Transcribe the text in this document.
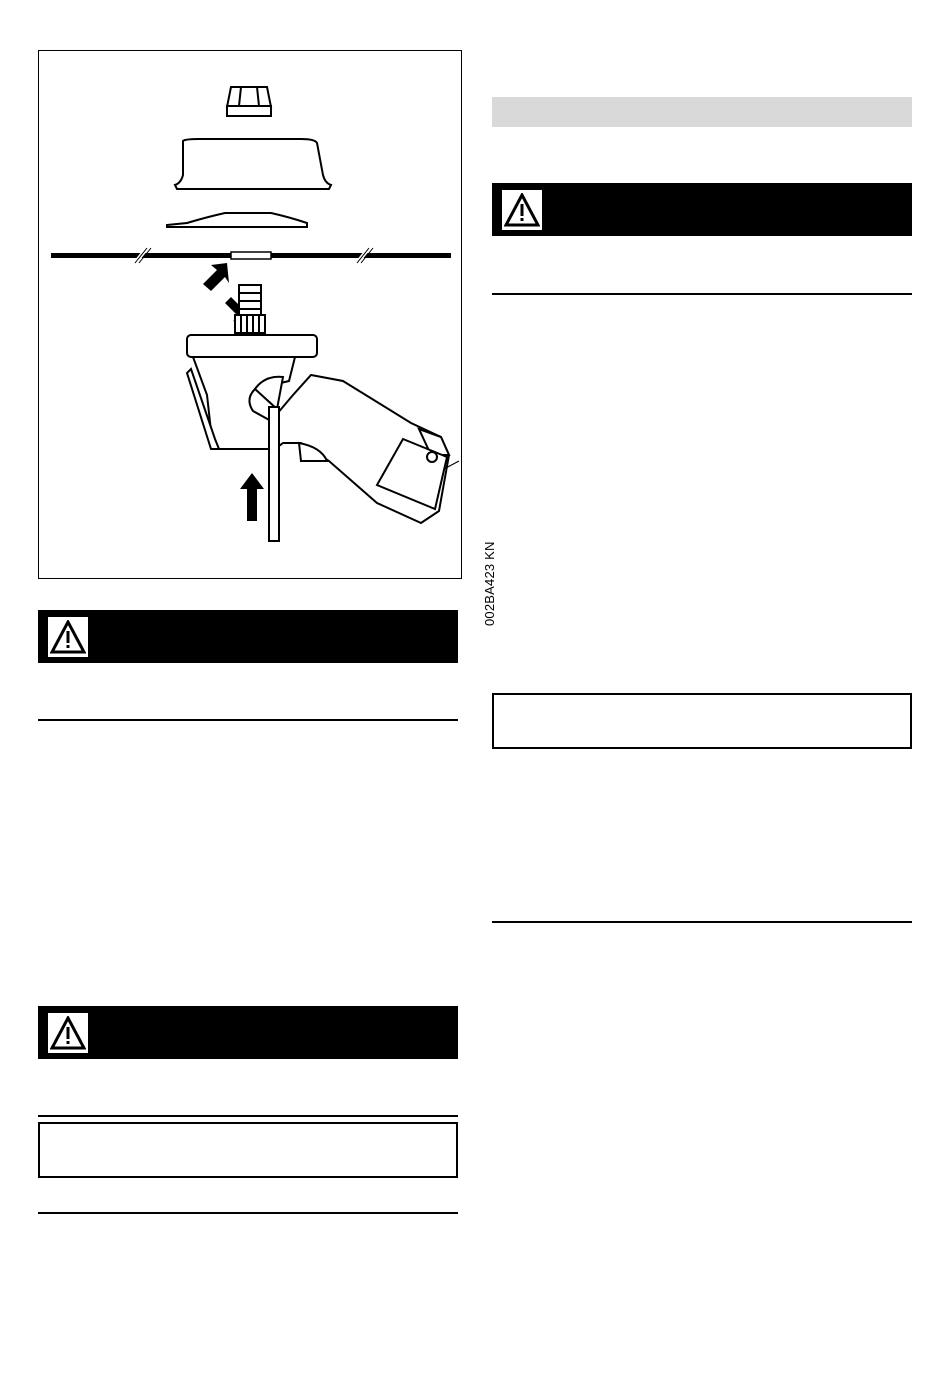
002BA423 KN
